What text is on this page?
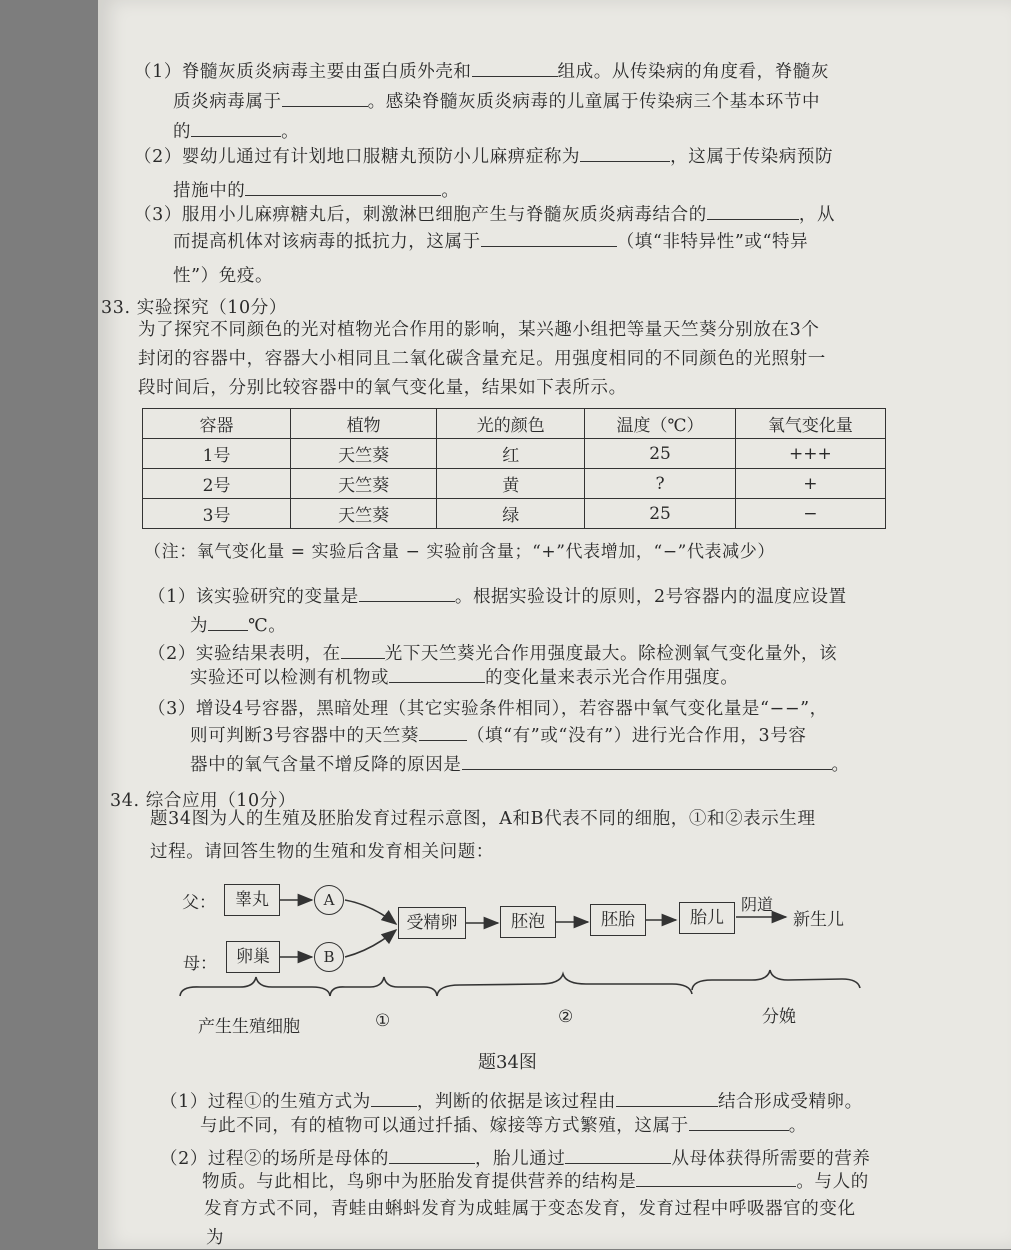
（1）脊髓灰质炎病毒主要由蛋白质外壳和	组成。从传染病的角度看，脊髓灰
质炎病毒属于	。感染脊髓灰质炎病毒的儿童属于传染病三个基本环节中
的	。
（2）婴幼儿通过有计划地口服糖丸预防小儿麻痹症称为	，这属于传染病预防
措施中的	。
（3）服用小儿麻痹糖丸后，刺激淋巴细胞产生与脊髓灰质炎病毒结合的	，从
而提高机体对该病毒的抵抗力，这属于	（填“非特异性”或“特异
性”）免疫。
33. 实验探究（10分）
为了探究不同颜色的光对植物光合作用的影响，某兴趣小组把等量天竺葵分别放在3个
封闭的容器中，容器大小相同且二氧化碳含量充足。用强度相同的不同颜色的光照射一
段时间后，分别比较容器中的氧气变化量，结果如下表所示。
容器	植物	光的颜色	温度（℃）	氧气变化量
1号	天竺葵	红	25	+++
2号	天竺葵	黄	?	+
3号	天竺葵	绿	25	−
（注：氧气变化量 = 实验后含量 − 实验前含量；“+”代表增加，“−”代表减少）
（1）该实验研究的变量是	。根据实验设计的原则，2号容器内的温度应设置
为 ℃。
（2）实验结果表明，在	光下天竺葵光合作用强度最大。除检测氧气变化量外，该
实验还可以检测有机物或	的变化量来表示光合作用强度。
（3）增设4号容器，黑暗处理（其它实验条件相同），若容器中氧气变化量是“−−”，
则可判断3号容器中的天竺葵	（填“有”或“没有”）进行光合作用，3号容
器中的氧气含量不增反降的原因是	。
34. 综合应用（10分）
题34图为人的生殖及胚胎发育过程示意图，A和B代表不同的细胞，①和②表示生理
过程。请回答生物的生殖和发育相关问题：
父：
母：
睾丸
卵巢
A
B
受精卵	胚泡	胚胎	胎儿
阴道
新生儿
产生生殖细胞	①	②	分娩
题34图
（1）过程①的生殖方式为	，判断的依据是该过程由	结合形成受精卵。
与此不同，有的植物可以通过扦插、嫁接等方式繁殖，这属于	。
（2）过程②的场所是母体的	，胎儿通过	从母体获得所需要的营养
物质。与此相比，鸟卵中为胚胎发育提供营养的结构是	。与人的
发育方式不同，青蛙由蝌蚪发育为成蛙属于变态发育，发育过程中呼吸器官的变化
为
